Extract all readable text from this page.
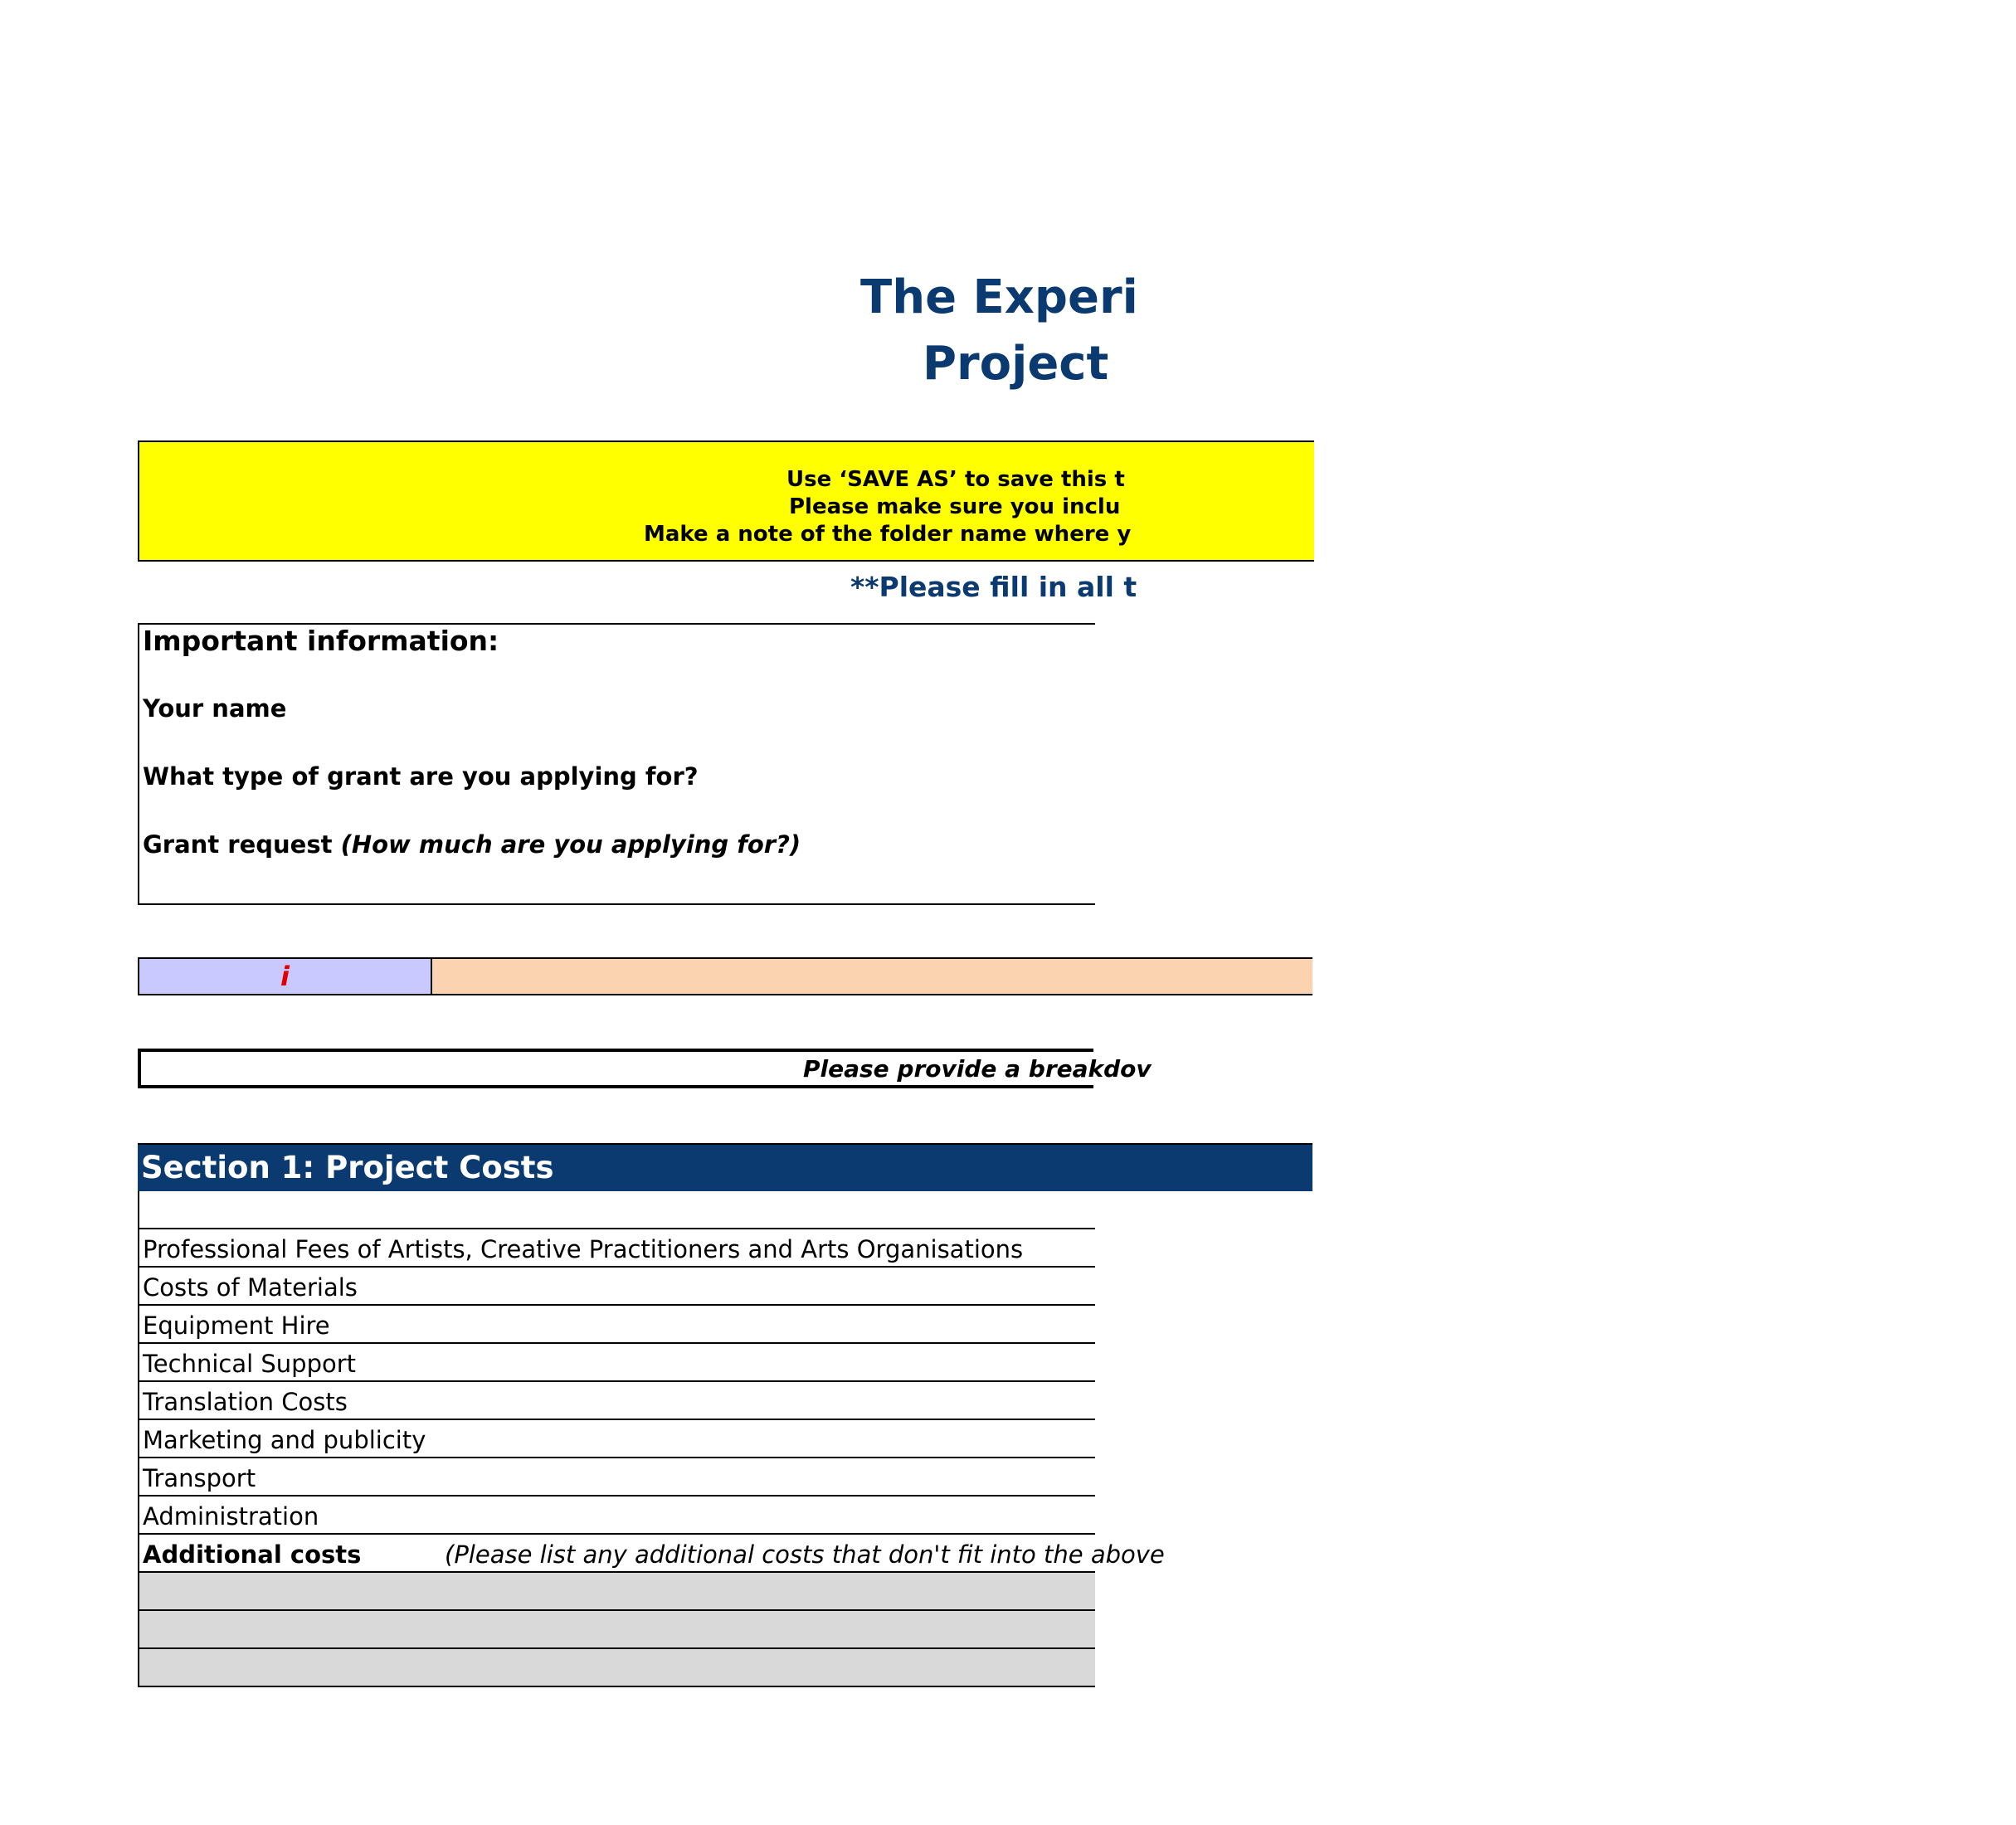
The Experi
Project
**Please fill in all t
Important information:
Your name
What type of grant are you applying for?
Grant request (How much are you applying for?)
Please provide a breakdov
Professional Fees of Artists, Creative Practitioners and Arts Organisations
Costs of Materials
Equipment Hire
Technical Support
Translation Costs
Marketing and publicity
Transport
Administration
Additional costs	(Please list any additional costs that don't fit into the above
Use ‘SAVE AS’ to save this t
Please make sure you inclu
Make a note of the folder name where y
i
Section 1: Project Costs
